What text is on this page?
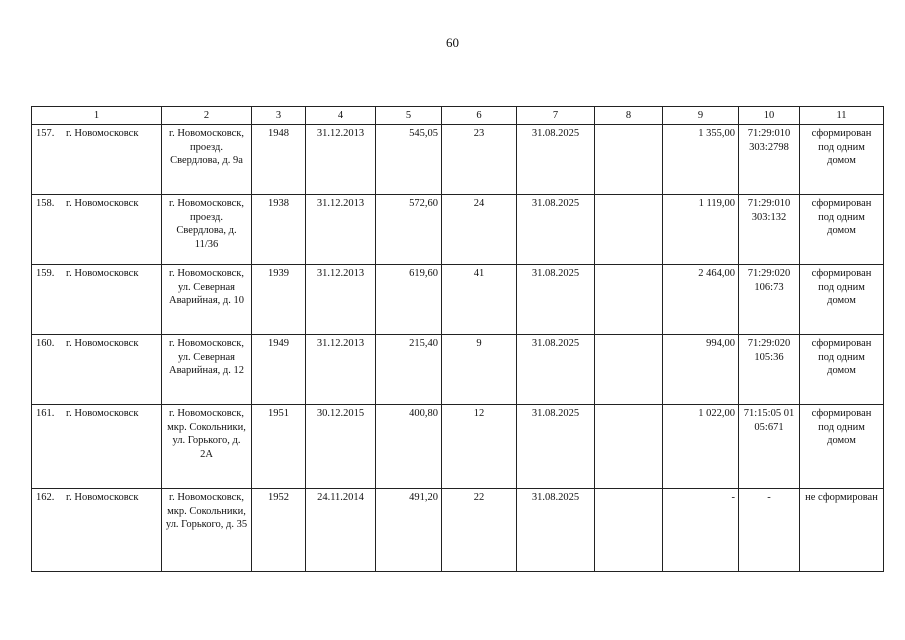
60
1	2	3	4	5	6	7	8	9	10	11
157. г. Новомосковск	г. Новомосковск, проезд. Свердлова, д. 9а	1948	31.12.2013	545,05	23	31.08.2025		1 355,00	71:29:010 303:2798	сформирован под одним домом
158. г. Новомосковск	г. Новомосковск, проезд. Свердлова, д. 11/36	1938	31.12.2013	572,60	24	31.08.2025		1 119,00	71:29:010 303:132	сформирован под одним домом
159. г. Новомосковск	г. Новомосковск, ул. Северная Аварийная, д. 10	1939	31.12.2013	619,60	41	31.08.2025		2 464,00	71:29:020 106:73	сформирован под одним домом
160. г. Новомосковск	г. Новомосковск, ул. Северная Аварийная, д. 12	1949	31.12.2013	215,40	9	31.08.2025		994,00	71:29:020 105:36	сформирован под одним домом
161. г. Новомосковск	г. Новомосковск, мкр. Сокольники, ул. Горького, д. 2А	1951	30.12.2015	400,80	12	31.08.2025		1 022,00	71:15:05 01 05:671	сформирован под одним домом
162. г. Новомосковск	г. Новомосковск, мкр. Сокольники, ул. Горького, д. 35	1952	24.11.2014	491,20	22	31.08.2025		-	-	не сформирован
